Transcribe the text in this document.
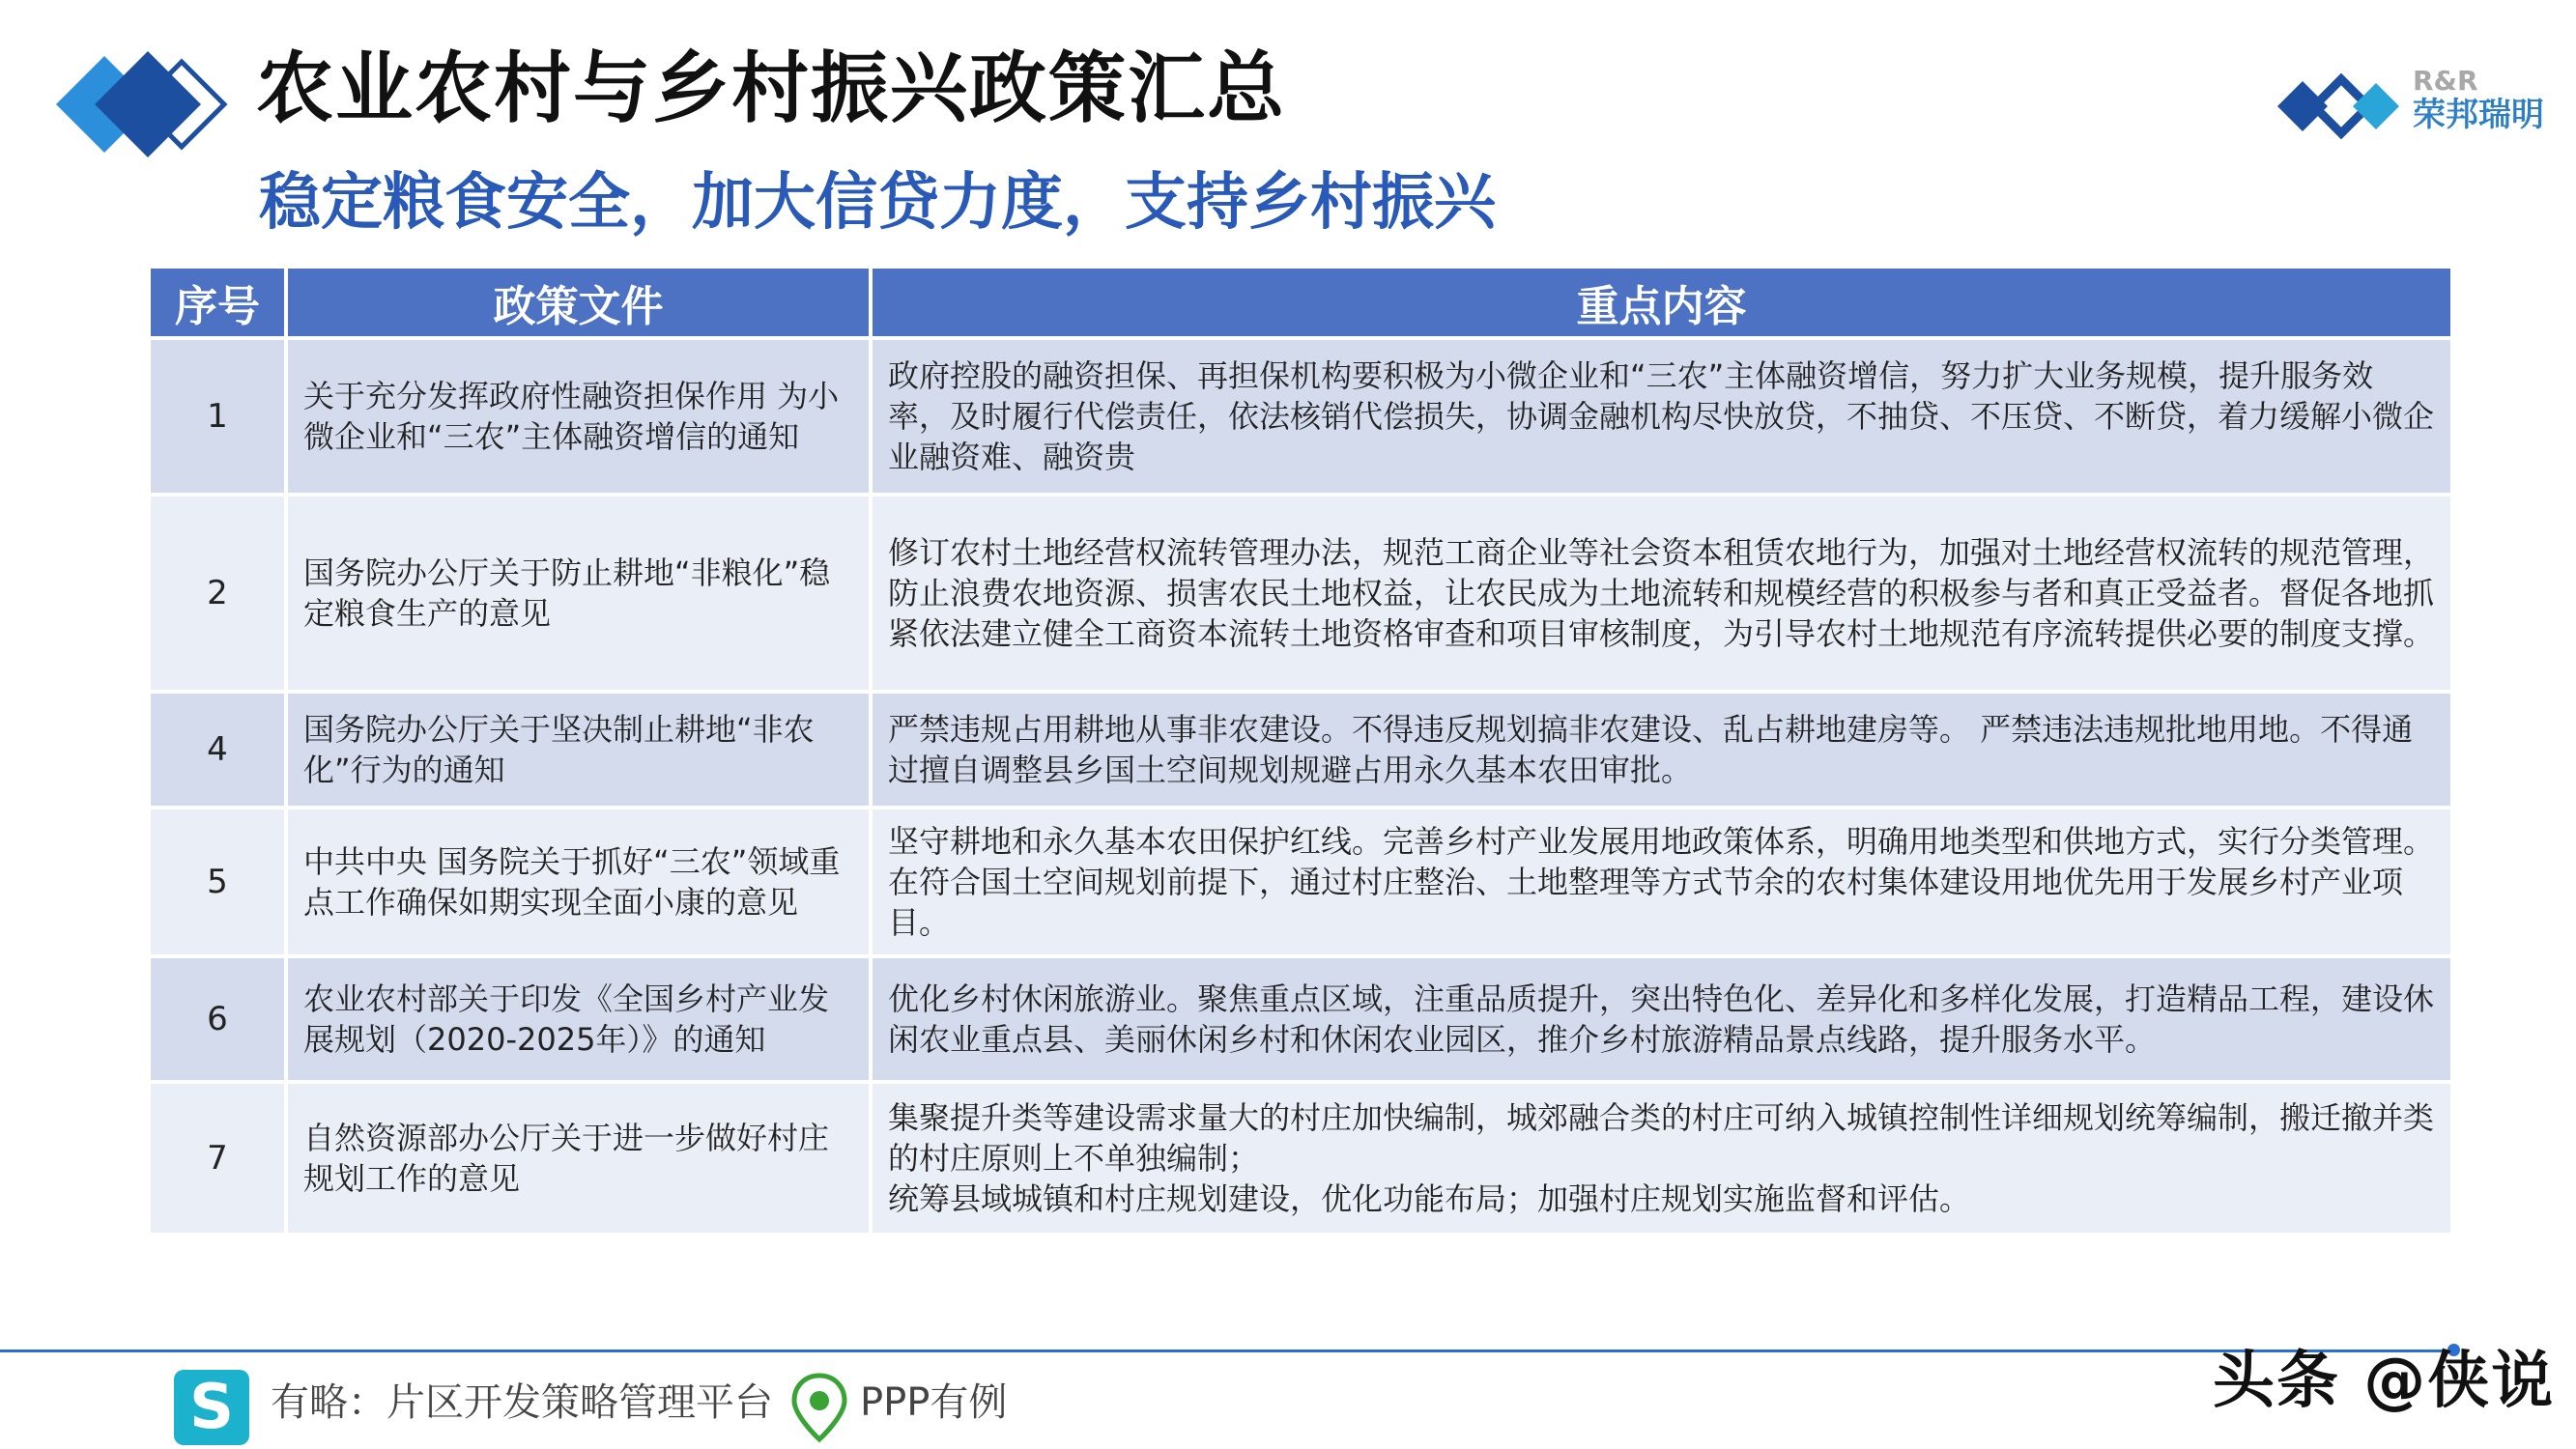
农业农村与乡村振兴政策汇总
稳定粮食安全，加大信贷力度，支持乡村振兴
R&R
荣邦瑞明
序号	政策文件	重点内容
1	关于充分发挥政府性融资担保作用 为小微企业和“三农”主体融资增信的通知	政府控股的融资担保、再担保机构要积极为小微企业和“三农”主体融资增信，努力扩大业务规模，提升服务效率，及时履行代偿责任，依法核销代偿损失，协调金融机构尽快放贷，不抽贷、不压贷、不断贷，着力缓解小微企业融资难、融资贵
2	国务院办公厅关于防止耕地“非粮化”稳定粮食生产的意见	修订农村土地经营权流转管理办法，规范工商企业等社会资本租赁农地行为，加强对土地经营权流转的规范管理，防止浪费农地资源、损害农民土地权益，让农民成为土地流转和规模经营的积极参与者和真正受益者。督促各地抓紧依法建立健全工商资本流转土地资格审查和项目审核制度，为引导农村土地规范有序流转提供必要的制度支撑。
4	国务院办公厅关于坚决制止耕地“非农化”行为的通知	严禁违规占用耕地从事非农建设。不得违反规划搞非农建设、乱占耕地建房等。 严禁违法违规批地用地。不得通过擅自调整县乡国土空间规划规避占用永久基本农田审批。
5	中共中央 国务院关于抓好“三农”领域重点工作确保如期实现全面小康的意见	坚守耕地和永久基本农田保护红线。完善乡村产业发展用地政策体系，明确用地类型和供地方式，实行分类管理。在符合国土空间规划前提下，通过村庄整治、土地整理等方式节余的农村集体建设用地优先用于发展乡村产业项目。
6	农业农村部关于印发《全国乡村产业发展规划（2020-2025年）》的通知	优化乡村休闲旅游业。聚焦重点区域，注重品质提升，突出特色化、差异化和多样化发展，打造精品工程，建设休闲农业重点县、美丽休闲乡村和休闲农业园区，推介乡村旅游精品景点线路，提升服务水平。
7	自然资源部办公厅关于进一步做好村庄规划工作的意见	集聚提升类等建设需求量大的村庄加快编制，城郊融合类的村庄可纳入城镇控制性详细规划统筹编制，搬迁撤并类的村庄原则上不单独编制；
统筹县域城镇和村庄规划建设，优化功能布局；加强村庄规划实施监督和评估。
S 有略：片区开发策略管理平台 PPP有例	头条 @侠说
